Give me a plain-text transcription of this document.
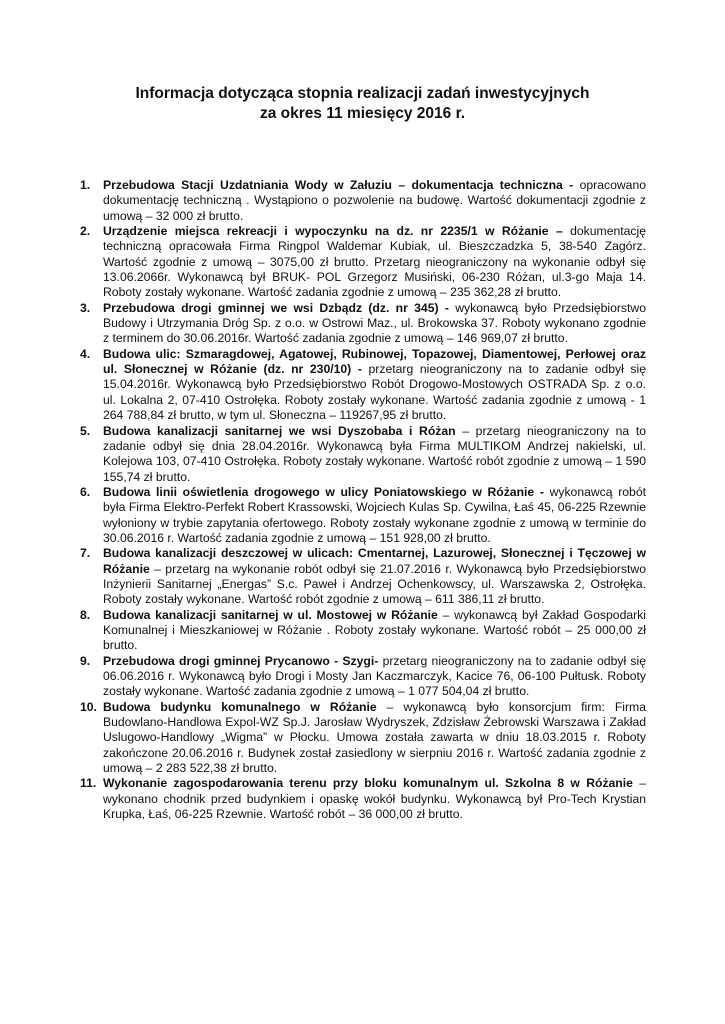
Informacja dotycząca stopnia realizacji zadań inwestycyjnych
za okres 11 miesięcy 2016 r.
1. Przebudowa Stacji Uzdatniania Wody w Załuziu – dokumentacja techniczna - opracowano dokumentację techniczną . Wystąpiono o pozwolenie na budowę. Wartość dokumentacji zgodnie z umową – 32 000 zł brutto.
2. Urządzenie miejsca rekreacji i wypoczynku na dz. nr 2235/1 w Różanie – dokumentację techniczną opracowała Firma Ringpol Waldemar Kubiak, ul. Bieszczadzka 5, 38-540 Zagórz. Wartość zgodnie z umową – 3075,00 zł brutto. Przetarg nieograniczony na wykonanie odbył się 13.06.2066r. Wykonawcą był BRUK- POL Grzegorz Musiński, 06-230 Różan, ul.3-go Maja 14. Roboty zostały wykonane. Wartość zadania zgodnie z umową – 235 362,28 zł brutto.
3. Przebudowa drogi gminnej we wsi Dzbądz (dz. nr 345) - wykonawcą było Przedsiębiorstwo Budowy i Utrzymania Dróg Sp. z o.o. w Ostrowi Maz., ul. Brokowska 37. Roboty wykonano zgodnie z terminem do 30.06.2016r. Wartość zadania zgodnie z umową – 146 969,07 zł brutto.
4. Budowa ulic: Szmaragdowej, Agatowej, Rubinowej, Topazowej, Diamentowej, Perłowej oraz ul. Słonecznej w Różanie (dz. nr 230/10) - przetarg nieograniczony na to zadanie odbył się 15.04.2016r. Wykonawcą było Przedsiębiorstwo Robót Drogowo-Mostowych OSTRADA Sp. z o.o. ul. Lokalna 2, 07-410 Ostrołęka. Roboty zostały wykonane. Wartość zadania zgodnie z umową - 1 264 788,84 zł brutto, w tym ul. Słoneczna – 119267,95 zł brutto.
5. Budowa kanalizacji sanitarnej we wsi Dyszobaba i Różan – przetarg nieograniczony na to zadanie odbył się dnia 28.04.2016r. Wykonawcą była Firma MULTIKOM Andrzej nakielski, ul. Kolejowa 103, 07-410 Ostrołęka. Roboty zostały wykonane. Wartość robót zgodnie z umową – 1 590 155,74 zł brutto.
6. Budowa linii oświetlenia drogowego w ulicy Poniatowskiego w Różanie - wykonawcą robót była Firma Elektro-Perfekt Robert Krassowski, Wojciech Kulas Sp. Cywilna, Łaś 45, 06-225 Rzewnie wyłoniony w trybie zapytania ofertowego. Roboty zostały wykonane zgodnie z umową w terminie do 30.06.2016 r. Wartość zadania zgodnie z umową – 151 928,00 zł brutto.
7. Budowa kanalizacji deszczowej w ulicach: Cmentarnej, Lazurowej, Słonecznej i Tęczowej w Różanie – przetarg na wykonanie robót odbył się 21.07.2016 r. Wykonawcą było Przedsiębiorstwo Inżynierii Sanitarnej „Energas” S.c. Paweł i Andrzej Ochenkowscy, ul. Warszawska 2, Ostrołęka. Roboty zostały wykonane. Wartość robót zgodnie z umową – 611 386,11 zł brutto.
8. Budowa kanalizacji sanitarnej w ul. Mostowej w Różanie – wykonawcą był Zakład Gospodarki Komunalnej i Mieszkaniowej w Różanie . Roboty zostały wykonane. Wartość robót – 25 000,00 zł brutto.
9. Przebudowa drogi gminnej Prycanowo - Szygi- przetarg nieograniczony na to zadanie odbył się 06.06.2016 r. Wykonawcą było Drogi i Mosty Jan Kaczmarczyk, Kacice 76, 06-100 Pułtusk. Roboty zostały wykonane. Wartość zadania zgodnie z umową – 1 077 504,04 zł brutto.
10. Budowa budynku komunalnego w Różanie – wykonawcą było konsorcjum firm: Firma Budowlano-Handlowa Expol-WZ Sp.J. Jarosław Wydryszek, Zdzisław Żebrowski Warszawa i Zakład Uslugowo-Handlowy „Wigma” w Płocku. Umowa została zawarta w dniu 18.03.2015 r. Roboty zakończone 20.06.2016 r. Budynek został zasiedlony w sierpniu 2016 r. Wartość zadania zgodnie z umową – 2 283 522,38 zł brutto.
11. Wykonanie zagospodarowania terenu przy bloku komunalnym ul. Szkolna 8 w Różanie – wykonano chodnik przed budynkiem i opaskę wokół budynku. Wykonawcą był Pro-Tech Krystian Krupka, Łaś, 06-225 Rzewnie. Wartość robót – 36 000,00 zł brutto.
